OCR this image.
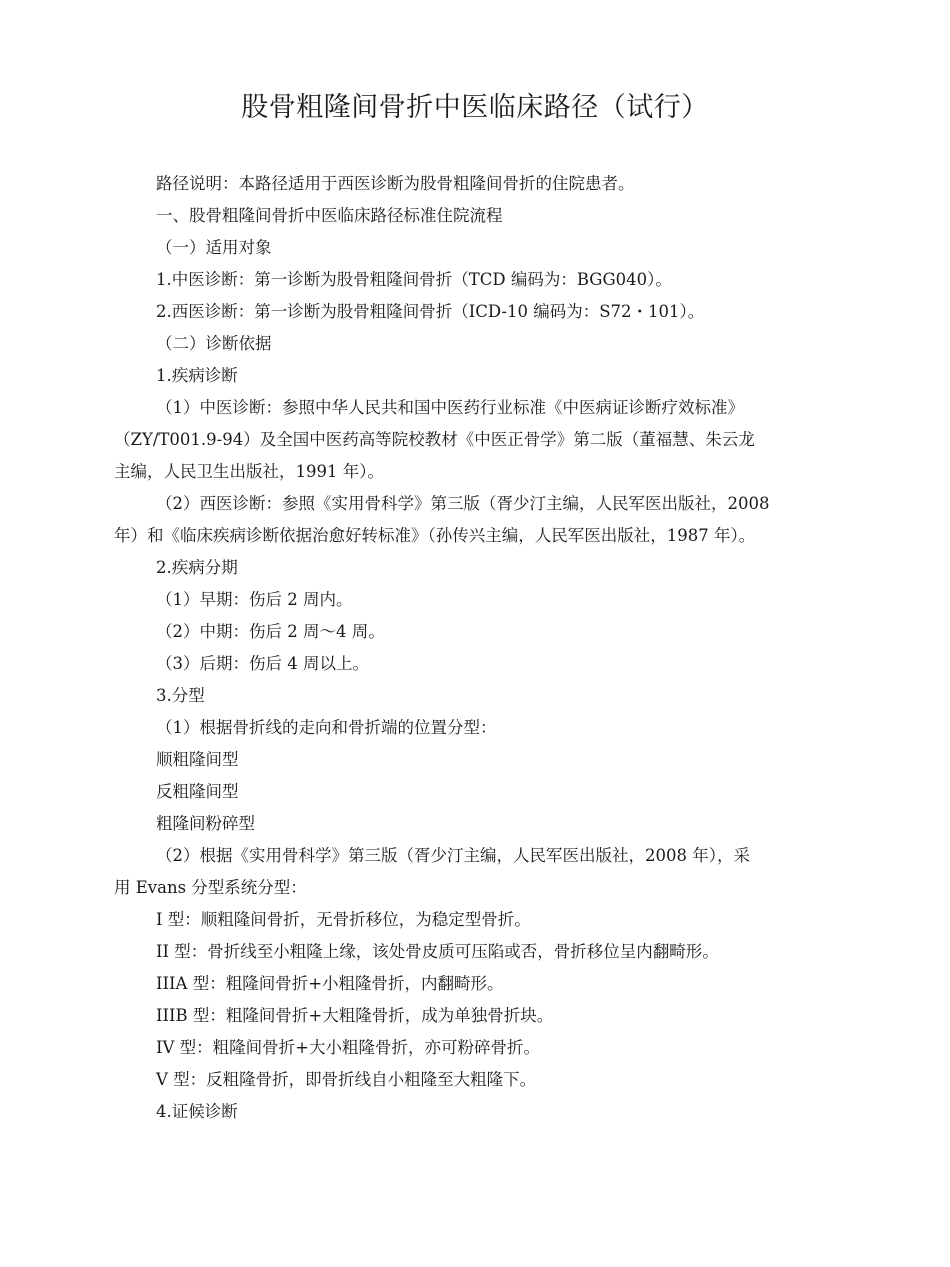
股骨粗隆间骨折中医临床路径（试行）

路径说明：本路径适用于西医诊断为股骨粗隆间骨折的住院患者。

一、股骨粗隆间骨折中医临床路径标准住院流程

（一）适用对象

1.中医诊断：第一诊断为股骨粗隆间骨折（TCD 编码为：BGG040）。

2.西医诊断：第一诊断为股骨粗隆间骨折（ICD-10 编码为：S72・101）。

（二）诊断依据

1.疾病诊断

（1）中医诊断：参照中华人民共和国中医药行业标准《中医病证诊断疗效标准》

（ZY/T001.9-94）及全国中医药高等院校教材《中医正骨学》第二版（董福慧、朱云龙

主编，人民卫生出版社，1991 年）。

（2）西医诊断：参照《实用骨科学》第三版（胥少汀主编，人民军医出版社，2008

年）和《临床疾病诊断依据治愈好转标准》（孙传兴主编，人民军医出版社，1987 年）。

2.疾病分期

（1）早期：伤后 2 周内。

（2）中期：伤后 2 周～4 周。

（3）后期：伤后 4 周以上。

3.分型

（1）根据骨折线的走向和骨折端的位置分型：

顺粗隆间型

反粗隆间型

粗隆间粉碎型

（2）根据《实用骨科学》第三版（胥少汀主编，人民军医出版社，2008 年），采

用 Evans 分型系统分型：

I 型：顺粗隆间骨折，无骨折移位，为稳定型骨折。

II 型：骨折线至小粗隆上缘，该处骨皮质可压陷或否，骨折移位呈内翻畸形。

IIIA 型：粗隆间骨折+小粗隆骨折，内翻畸形。

IIIB 型：粗隆间骨折+大粗隆骨折，成为单独骨折块。

IV 型：粗隆间骨折+大小粗隆骨折，亦可粉碎骨折。

V 型：反粗隆骨折，即骨折线自小粗隆至大粗隆下。

4.证候诊断
